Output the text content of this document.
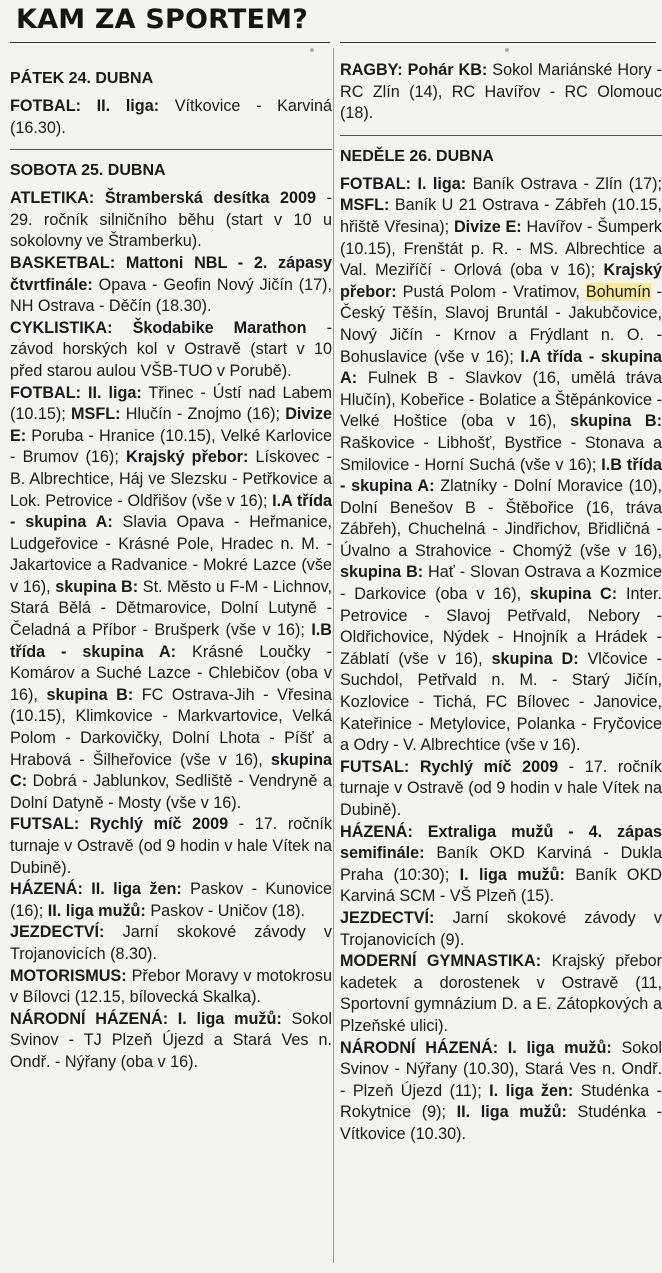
KAM ZA SPORTEM?
PÁTEK 24. DUBNA
FOTBAL: II. liga: Vítkovice - Karviná (16.30).
SOBOTA 25. DUBNA
ATLETIKA: Štramberská desítka 2009 - 29. ročník silničního běhu (start v 10 u sokolovny ve Štramberku).
BASKETBAL: Mattoni NBL - 2. zápasy čtvrtfinále: Opava - Geofin Nový Jičín (17), NH Ostrava - Děčín (18.30).
CYKLISTIKA: Škodabike Marathon - závod horských kol v Ostravě (start v 10 před starou aulou VŠB-TUO v Porubě).
FOTBAL: II. liga: Třinec - Ústí nad Labem (10.15); MSFL: Hlučín - Znojmo (16); Divize E: Poruba - Hranice (10.15), Velké Karlovice - Brumov (16); Krajský přebor: Lískovec - B. Albrechtice, Háj ve Slezsku - Petřkovice a Lok. Petrovice - Oldřišov (vše v 16); I.A třída - skupina A: Slavia Opava - Heřmanice, Ludgeřovice - Krásné Pole, Hradec n. M. - Jakartovice a Radvanice - Mokré Lazce (vše v 16), skupina B: St. Město u F-M - Lichnov, Stará Bělá - Dětmarovice, Dolní Lutyně - Čeladná a Příbor - Brušperk (vše v 16); I.B třída - skupina A: Krásné Loučky - Komárov a Suché Lazce - Chlebičov (oba v 16), skupina B: FC Ostrava-Jih - Vřesina (10.15), Klimkovice - Markvartovice, Velká Polom - Darkovičky, Dolní Lhota - Píšť a Hrabová - Šilheřovice (vše v 16), skupina C: Dobrá - Jablunkov, Sedliště - Vendryně a Dolní Datyně - Mosty (vše v 16).
FUTSAL: Rychlý míč 2009 - 17. ročník turnaje v Ostravě (od 9 hodin v hale Vítek na Dubině).
HÁZENÁ: II. liga žen: Paskov - Kunovice (16); II. liga mužů: Paskov - Uničov (18).
JEZDECTVÍ: Jarní skokové závody v Trojanovicích (8.30).
MOTORISMUS: Přebor Moravy v motokrosu v Bílovci (12.15, bílovecká Skalka).
NÁRODNÍ HÁZENÁ: I. liga mužů: Sokol Svinov - TJ Plzeň Újezd a Stará Ves n. Ondř. - Nýřany (oba v 16).
RAGBY: Pohár KB: Sokol Mariánské Hory - RC Zlín (14), RC Havířov - RC Olomouc (18).
NEDĚLE 26. DUBNA
FOTBAL: I. liga: Baník Ostrava - Zlín (17); MSFL: Baník U 21 Ostrava - Zábřeh (10.15, hřiště Vřesina); Divize E: Havířov - Šumperk (10.15), Frenštát p. R. - MS. Albrechtice a Val. Meziříčí - Orlová (oba v 16); Krajský přebor: Pustá Polom - Vratimov, Bohumín - Český Těšín, Slavoj Bruntál - Jakubčovice, Nový Jičín - Krnov a Frýdlant n. O. - Bohuslavice (vše v 16); I.A třída - skupina A: Fulnek B - Slavkov (16, umělá tráva Hlučín), Kobeřice - Bolatice a Štěpánkovice - Velké Hoštice (oba v 16), skupina B: Raškovice - Libhošť, Bystřice - Stonava a Smilovice - Horní Suchá (vše v 16); I.B třída - skupina A: Zlatníky - Dolní Moravice (10), Dolní Benešov B - Štěbořice (16, tráva Zábřeh), Chuchelná - Jindřichov, Břidličná - Úvalno a Strahovice - Chomýž (vše v 16), skupina B: Hať - Slovan Ostrava a Kozmice - Darkovice (oba v 16), skupina C: Inter. Petrovice - Slavoj Petřvald, Nebory - Oldřichovice, Nýdek - Hnojník a Hrádek - Záblatí (vše v 16), skupina D: Vlčovice - Suchdol, Petřvald n. M. - Starý Jičín, Kozlovice - Tichá, FC Bílovec - Janovice, Kateřinice - Metylovice, Polanka - Fryčovice a Odry - V. Albrechtice (vše v 16).
FUTSAL: Rychlý míč 2009 - 17. ročník turnaje v Ostravě (od 9 hodin v hale Vítek na Dubině).
HÁZENÁ: Extraliga mužů - 4. zápas semifinále: Baník OKD Karviná - Dukla Praha (10:30); I. liga mužů: Baník OKD Karviná SCM - VŠ Plzeň (15).
JEZDECTVÍ: Jarní skokové závody v Trojanovicích (9).
MODERNÍ GYMNASTIKA: Krajský přebor kadetek a dorostenek v Ostravě (11, Sportovní gymnázium D. a E. Zátopkových a Plzeňské ulici).
NÁRODNÍ HÁZENÁ: I. liga mužů: Sokol Svinov - Nýřany (10.30), Stará Ves n. Ondř. - Plzeň Újezd (11); I. liga žen: Studénka - Rokytnice (9); II. liga mužů: Studénka - Vítkovice (10.30).
